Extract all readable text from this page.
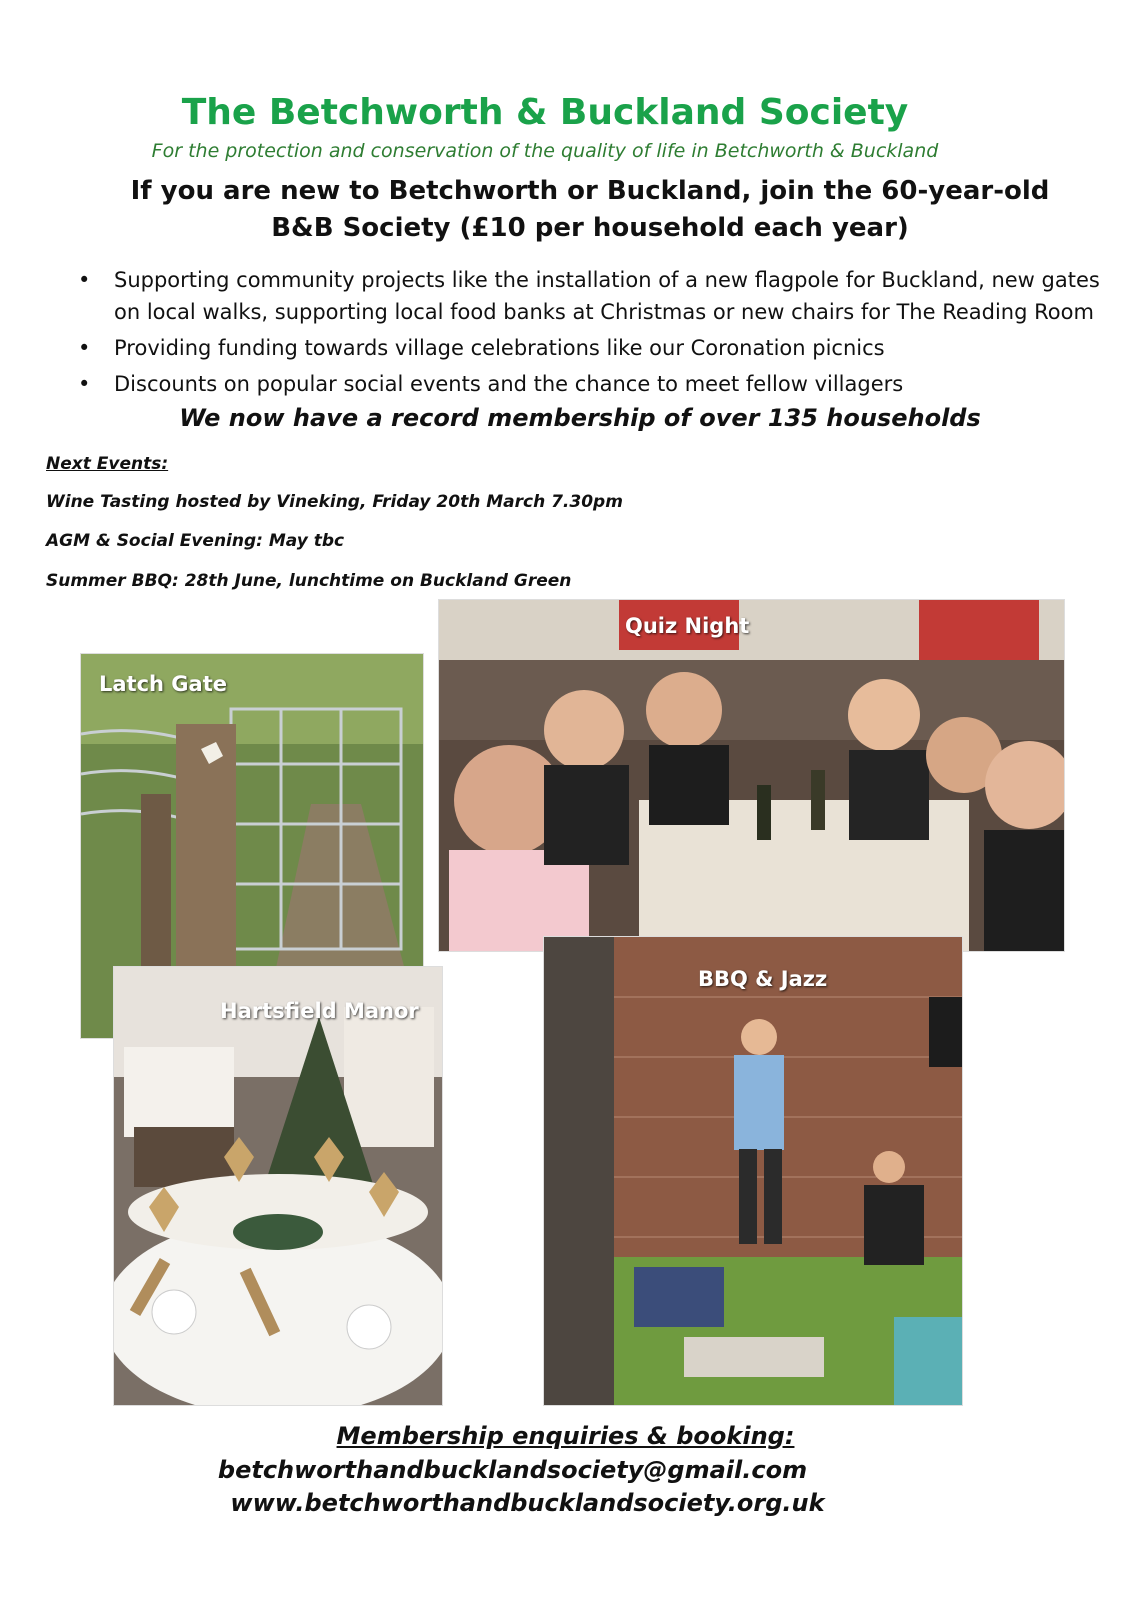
The Betchworth & Buckland Society
For the protection and conservation of the quality of life in Betchworth & Buckland
If you are new to Betchworth or Buckland, join the 60-year-old
B&B Society (£10 per household each year)
• Supporting community projects like the installation of a new flagpole for Buckland, new gates on local walks, supporting local food banks at Christmas or new chairs for The Reading Room
• Providing funding towards village celebrations like our Coronation picnics
• Discounts on popular social events and the chance to meet fellow villagers
We now have a record membership of over 135 households
Next Events:
Wine Tasting hosted by Vineking, Friday 20th March 7.30pm
AGM & Social Evening: May tbc
Summer BBQ: 28th June, lunchtime on Buckland Green
Latch Gate
Quiz Night
Hartsfield Manor
BBQ & Jazz
Membership enquiries & booking:
betchworthandbucklandsociety@gmail.com
www.betchworthandbucklandsociety.org.uk
